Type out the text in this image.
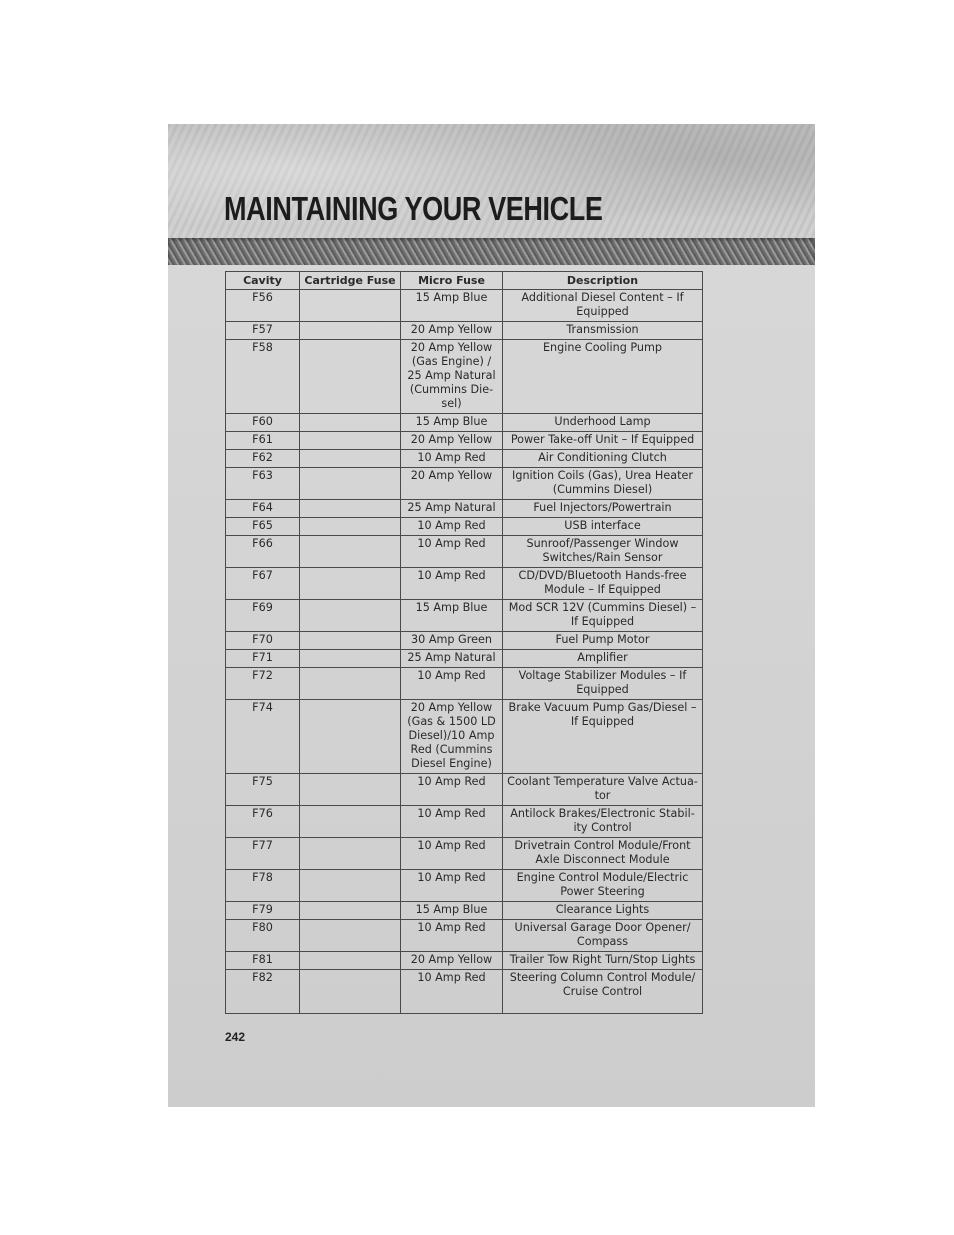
MAINTAINING YOUR VEHICLE
Cavity	Cartridge Fuse	Micro Fuse	Description
F56		15 Amp Blue	Additional Diesel Content – If Equipped
F57		20 Amp Yellow	Transmission
F58		20 Amp Yellow (Gas Engine) / 25 Amp Natural (Cummins Die-sel)	Engine Cooling Pump
F60		15 Amp Blue	Underhood Lamp
F61		20 Amp Yellow	Power Take-off Unit – If Equipped
F62		10 Amp Red	Air Conditioning Clutch
F63		20 Amp Yellow	Ignition Coils (Gas), Urea Heater (Cummins Diesel)
F64		25 Amp Natural	Fuel Injectors/Powertrain
F65		10 Amp Red	USB interface
F66		10 Amp Red	Sunroof/Passenger Window Switches/Rain Sensor
F67		10 Amp Red	CD/DVD/Bluetooth Hands-free Module – If Equipped
F69		15 Amp Blue	Mod SCR 12V (Cummins Diesel) – If Equipped
F70		30 Amp Green	Fuel Pump Motor
F71		25 Amp Natural	Amplifier
F72		10 Amp Red	Voltage Stabilizer Modules – If Equipped
F74		20 Amp Yellow (Gas & 1500 LD Diesel)/10 Amp Red (Cummins Diesel Engine)	Brake Vacuum Pump Gas/Diesel – If Equipped
F75		10 Amp Red	Coolant Temperature Valve Actua-tor
F76		10 Amp Red	Antilock Brakes/Electronic Stabil-ity Control
F77		10 Amp Red	Drivetrain Control Module/Front Axle Disconnect Module
F78		10 Amp Red	Engine Control Module/Electric Power Steering
F79		15 Amp Blue	Clearance Lights
F80		10 Amp Red	Universal Garage Door Opener/ Compass
F81		20 Amp Yellow	Trailer Tow Right Turn/Stop Lights
F82		10 Amp Red	Steering Column Control Module/ Cruise Control
242
